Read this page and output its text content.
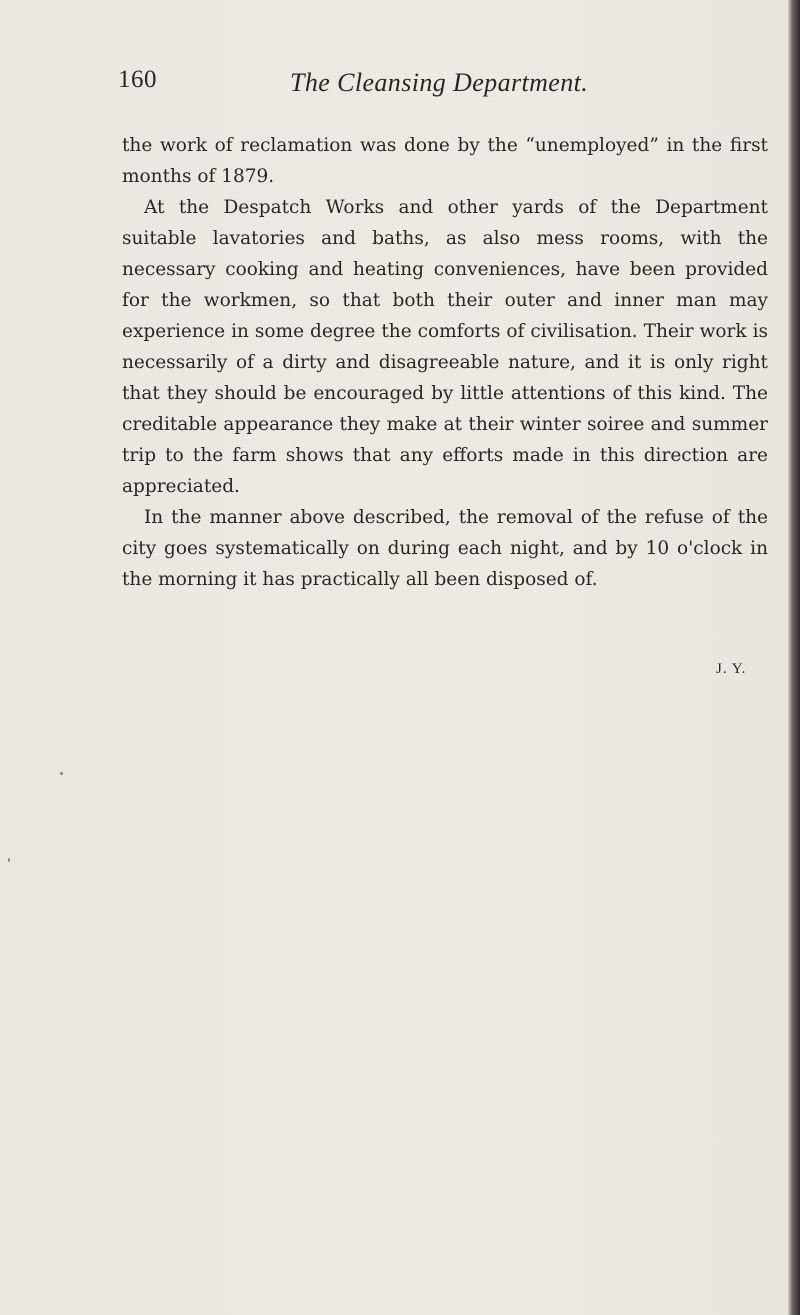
160	The Cleansing Department.

the work of reclamation was done by the “unemployed” in the first months of 1879.

At the Despatch Works and other yards of the Department suitable lavatories and baths, as also mess rooms, with the necessary cooking and heating conveniences, have been provided for the workmen, so that both their outer and inner man may experience in some degree the comforts of civilisation. Their work is necessarily of a dirty and disagreeable nature, and it is only right that they should be encouraged by little attentions of this kind. The creditable appearance they make at their winter soiree and summer trip to the farm shows that any efforts made in this direction are appreciated.

In the manner above described, the removal of the refuse of the city goes systematically on during each night, and by 10 o'clock in the morning it has practically all been disposed of.

J. Y.
